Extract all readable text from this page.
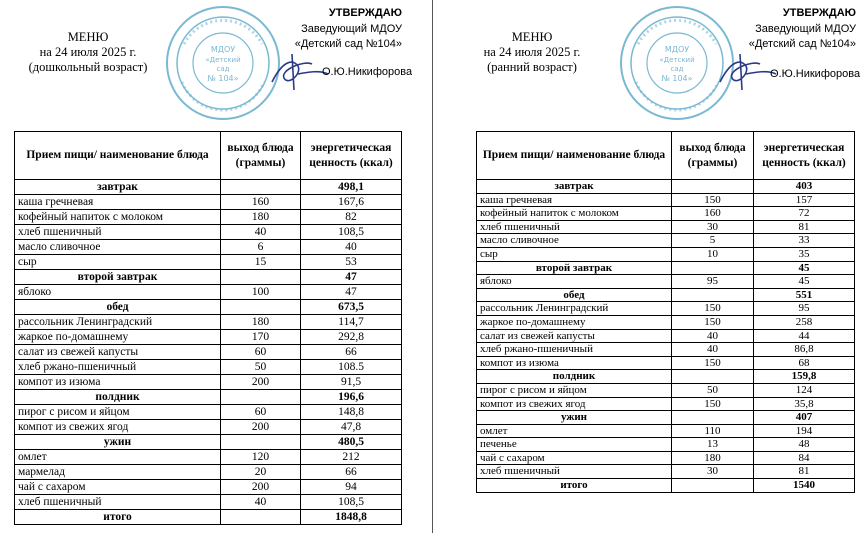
МЕНЮ
на 24 июля 2025 г.
(дошкольный возраст)
МДОУ
«Детский
сад
№ 104»
УТВЕРЖДАЮ
Заведующий МДОУ
«Детский сад №104»
О.Ю.Никифорова
Прием пищи/ наименование блюда	выход блюда (граммы)	энергетическая ценность (ккал)
завтрак		498,1
каша гречневая	160	167,6
кофейный напиток с молоком	180	82
хлеб пшеничный	40	108,5
масло сливочное	6	40
сыр	15	53
второй завтрак		47
яблоко	100	47
обед		673,5
рассольник Ленинградский	180	114,7
жаркое по-домашнему	170	292,8
салат из свежей капусты	60	66
хлеб ржано-пшеничный	50	108.5
компот из изюма	200	91,5
полдник		196,6
пирог с рисом и яйцом	60	148,8
компот из свежих ягод	200	47,8
ужин		480,5
омлет	120	212
мармелад	20	66
чай с сахаром	200	94
хлеб пшеничный	40	108,5
итого		1848,8
МЕНЮ
на 24 июля 2025 г.
(ранний возраст)
МДОУ
«Детский
сад
№ 104»
УТВЕРЖДАЮ
Заведующий МДОУ
«Детский сад №104»
О.Ю.Никифорова
Прием пищи/ наименование блюда	выход блюда (граммы)	энергетическая ценность (ккал)
завтрак		403
каша гречневая	150	157
кофейный напиток с молоком	160	72
хлеб пшеничный	30	81
масло сливочное	5	33
сыр	10	35
второй завтрак		45
яблоко	95	45
обед		551
рассольник Ленинградский	150	95
жаркое по-домашнему	150	258
салат из свежей капусты	40	44
хлеб ржано-пшеничный	40	86,8
компот из изюма	150	68
полдник		159,8
пирог с рисом и яйцом	50	124
компот из свежих ягод	150	35,8
ужин		407
омлет	110	194
печенье	13	48
чай с сахаром	180	84
хлеб пшеничный	30	81
итого		1540
